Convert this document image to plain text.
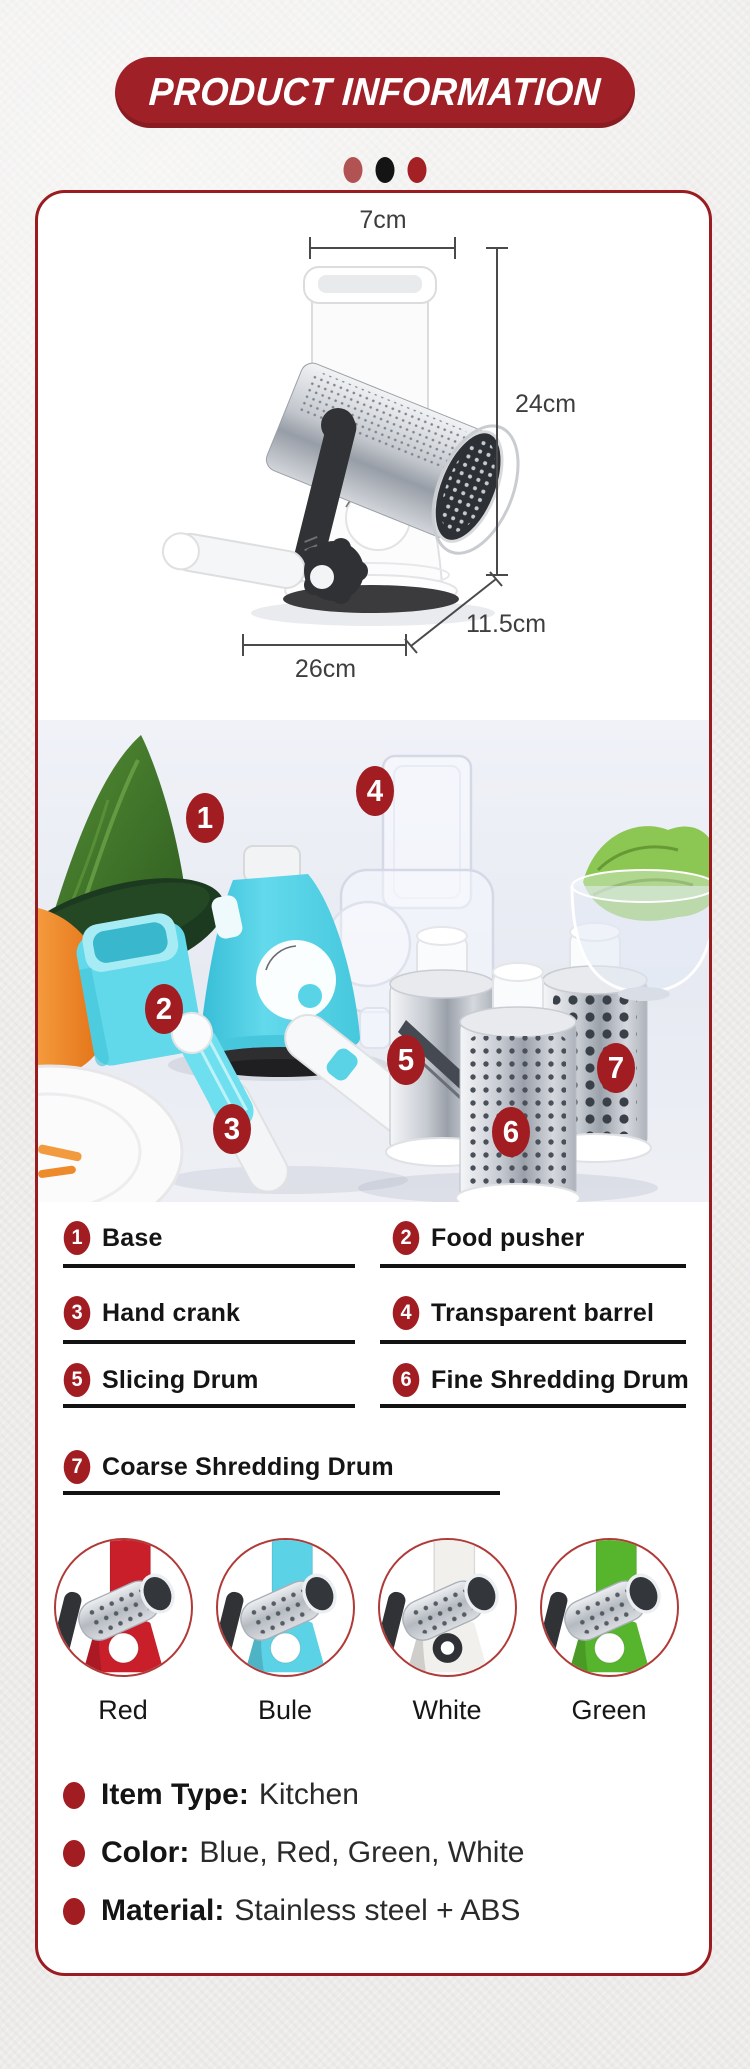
PRODUCT INFORMATION
7cm
24cm
11.5cm
26cm
1
2
3
4
5
6
7
1 Base	2 Food pusher
3 Hand crank	4 Transparent barrel
5 Slicing Drum	6 Fine Shredding Drum
7 Coarse Shredding Drum
Red	Bule	White	Green
Item Type: Kitchen
Color: Blue, Red, Green, White
Material: Stainless steel + ABS
